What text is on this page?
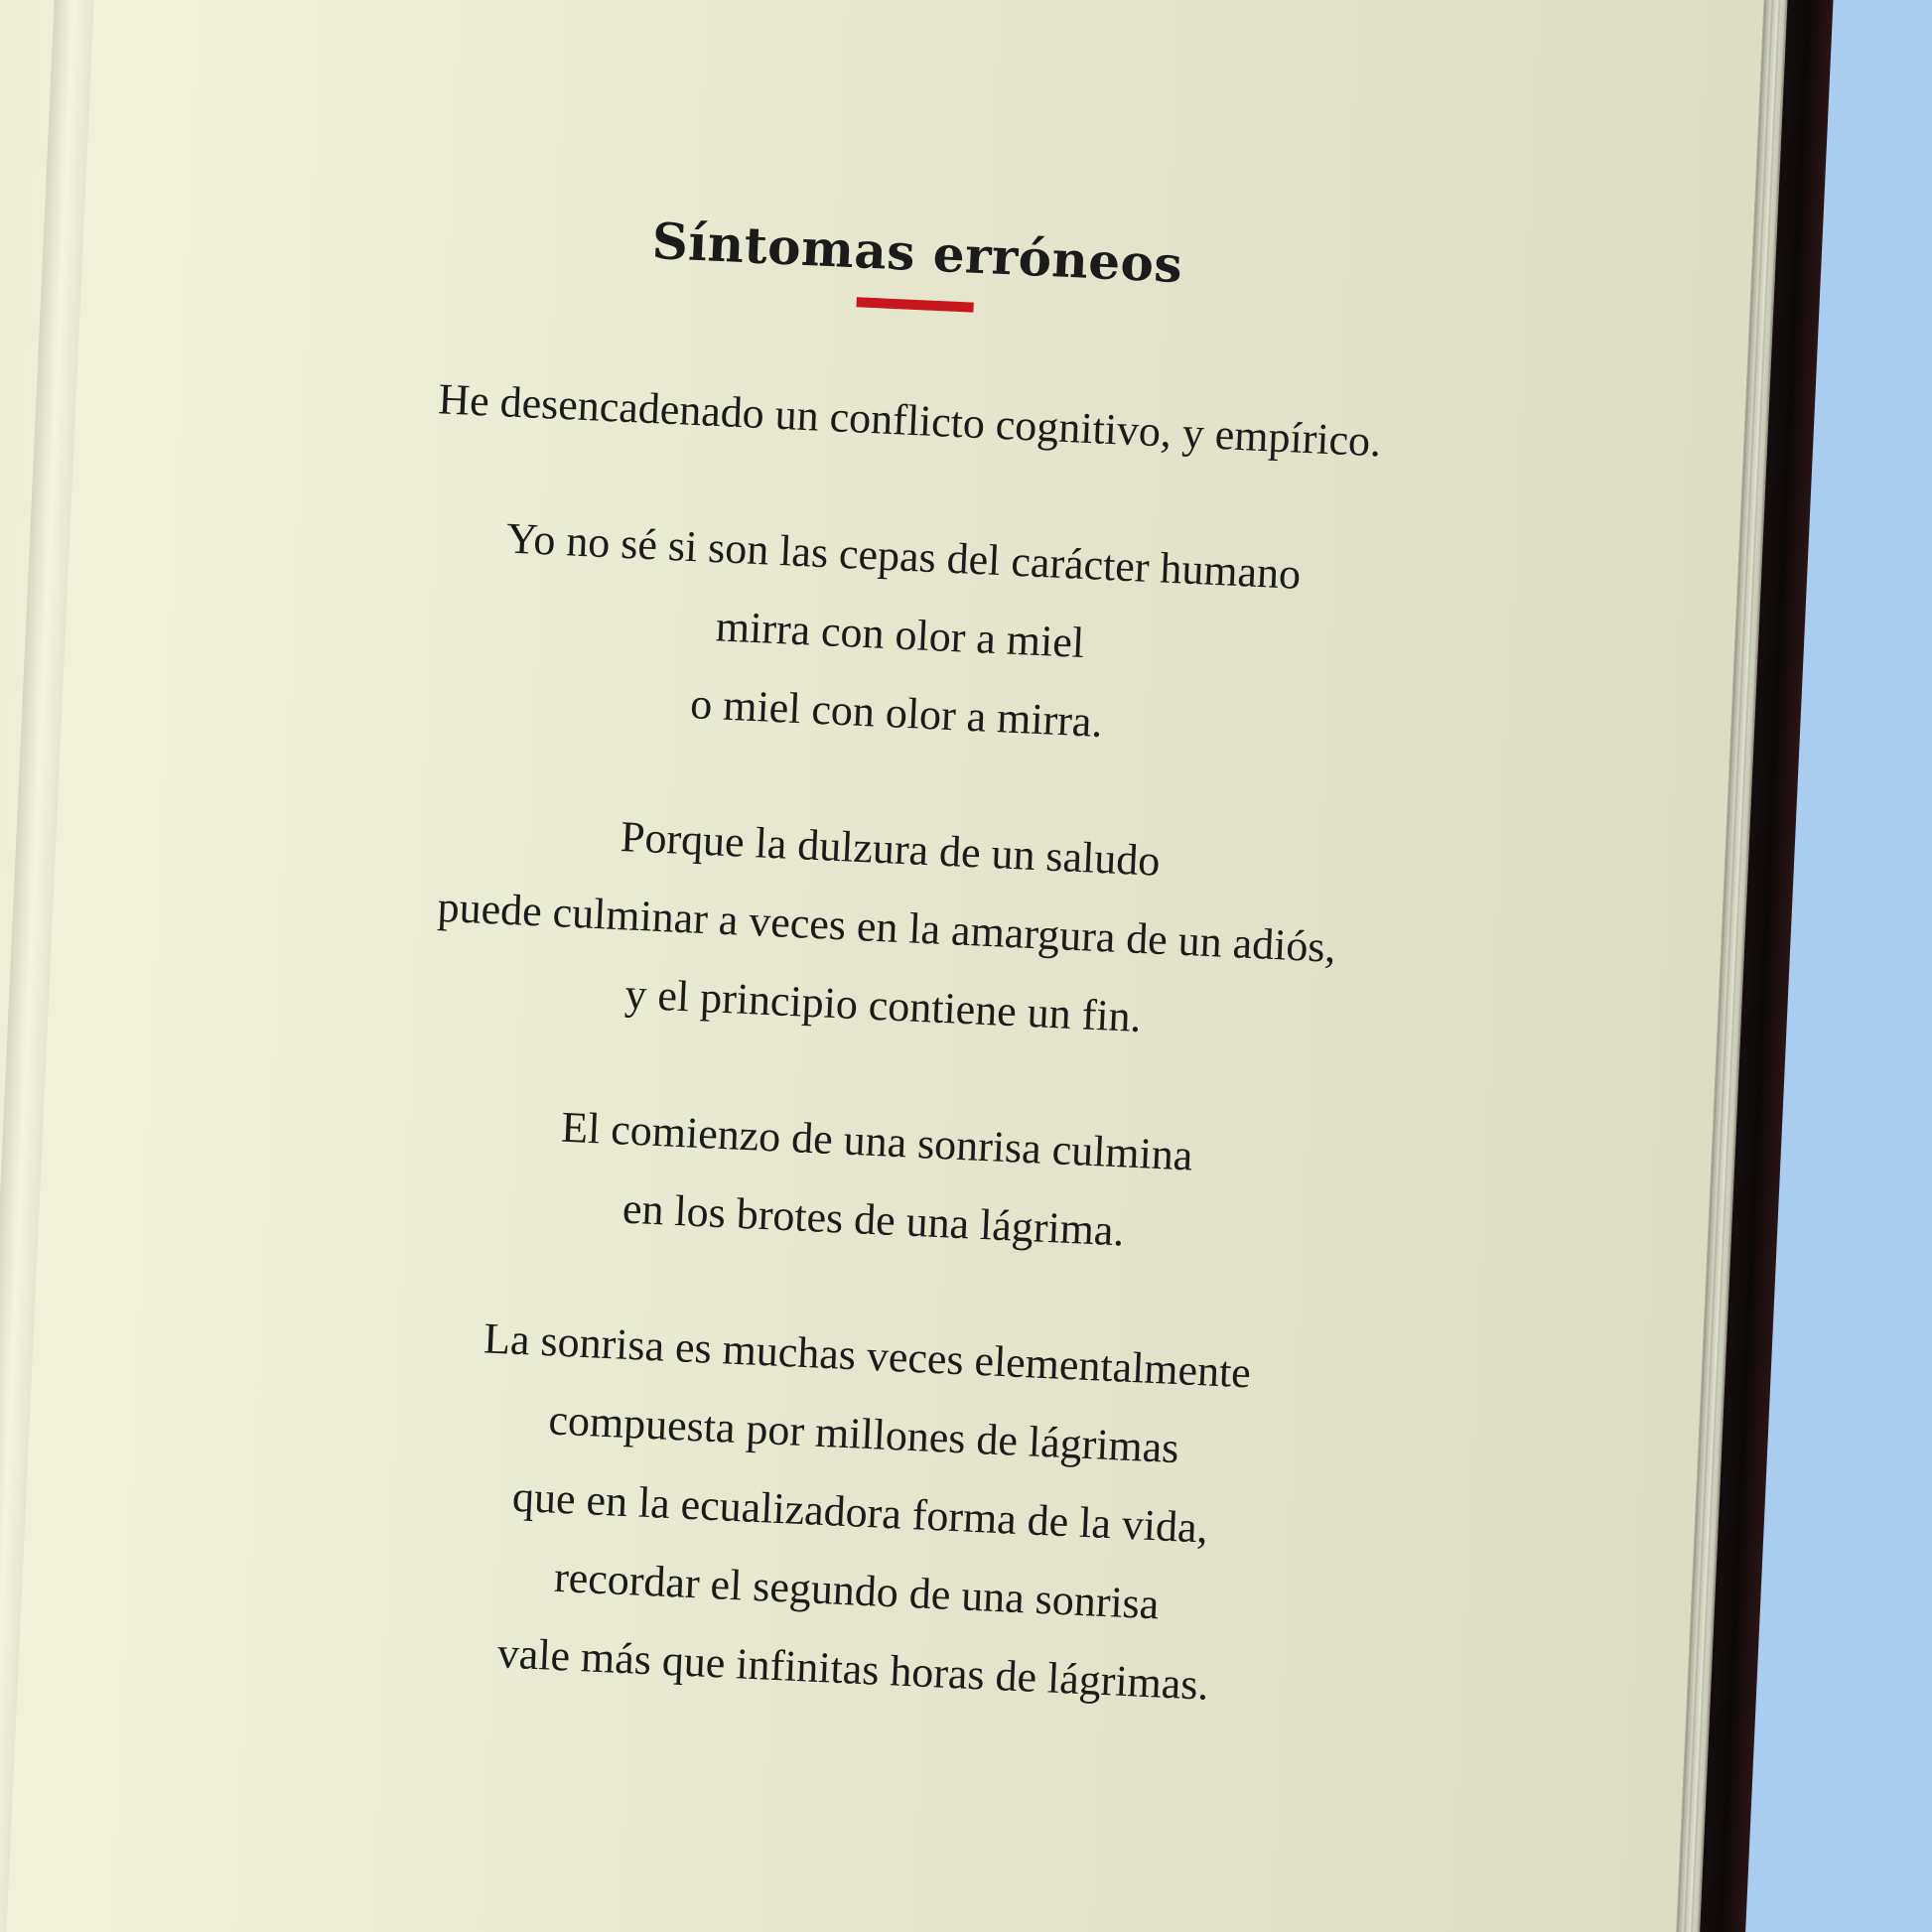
Síntomas erróneos
He desencadenado un conflicto cognitivo, y empírico.
Yo no sé si son las cepas del carácter humano
mirra con olor a miel
o miel con olor a mirra.
Porque la dulzura de un saludo
puede culminar a veces en la amargura de un adiós,
y el principio contiene un fin.
El comienzo de una sonrisa culmina
en los brotes de una lágrima.
La sonrisa es muchas veces elementalmente
compuesta por millones de lágrimas
que en la ecualizadora forma de la vida,
recordar el segundo de una sonrisa
vale más que infinitas horas de lágrimas.
